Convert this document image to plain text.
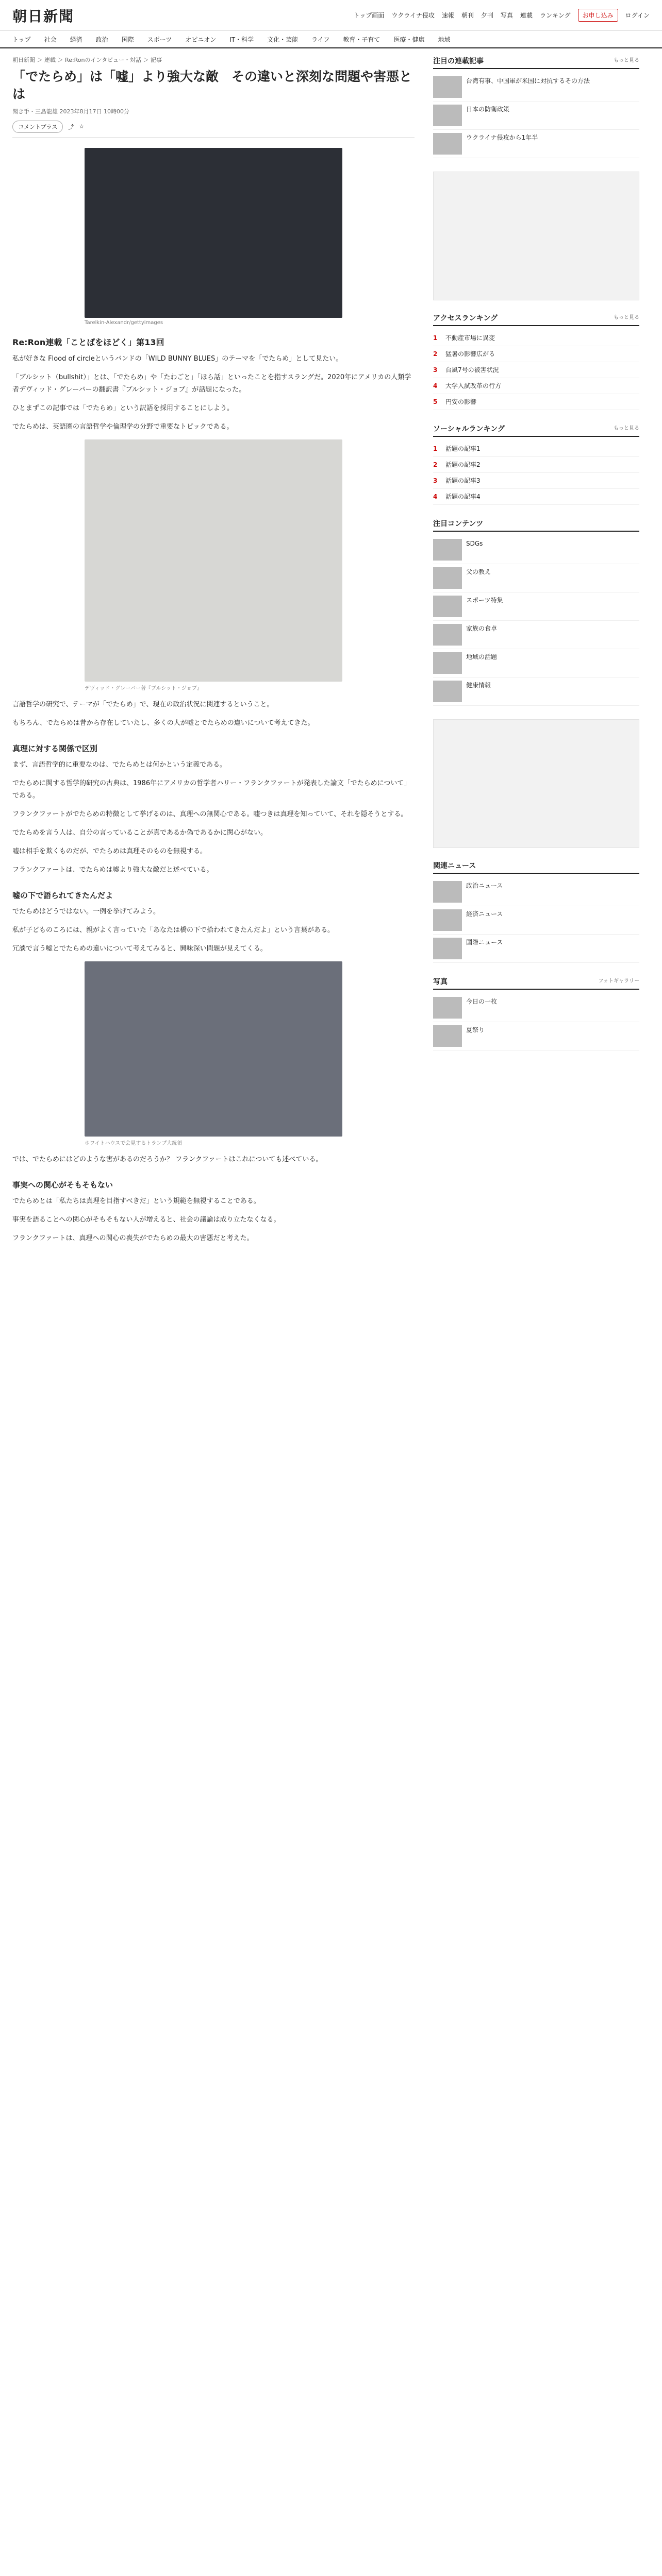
朝日新聞	トップ画面 ウクライナ侵攻 速報 朝刊 夕刊 写真 連載 ランキング	お申し込み	ログイン
トップ 社会 経済 政治 国際 スポーツ オピニオン IT・科学 文化・芸能 ライフ 教育・子育て 医療・健康 地域
朝日新聞 ＞ 連載 ＞ Re:Ronのインタビュー・対話 ＞ 記事
「でたらめ」は「嘘」より強大な敵　その違いと深刻な問題や害悪とは
聞き手・三島龍雄 2023年8月17日 10時00分
コメントプラス	⤴ ☆
Tarelkin-Alexandr/gettyimages
Re:Ron連載「ことばをほどく」第13回

私が好きな Flood of circleというバンドの「WILD BUNNY BLUES」のテーマを「でたらめ」として見たい。

「ブルシット（bullshit）」とは、「でたらめ」や「たわごと」「ほら話」といったことを指すスラングだ。2020年にアメリカの人類学者デヴィッド・グレーバーの翻訳書『ブルシット・ジョブ』が話題になった。

ひとまずこの記事では「でたらめ」という訳語を採用することにしよう。

でたらめは、英語圏の言語哲学や倫理学の分野で重要なトピックである。

デヴィッド・グレーバー著『ブルシット・ジョブ』

言語哲学の研究で、テーマが「でたらめ」で、現在の政治状況に関連するということ。

もちろん、でたらめは昔から存在していたし、多くの人が嘘とでたらめの違いについて考えてきた。

真理に対する関係で区別

まず、言語哲学的に重要なのは、でたらめとは何かという定義である。

でたらめに関する哲学的研究の古典は、1986年にアメリカの哲学者ハリー・フランクファートが発表した論文「でたらめについて」である。

フランクファートがでたらめの特徴として挙げるのは、真理への無関心である。嘘つきは真理を知っていて、それを隠そうとする。

でたらめを言う人は、自分の言っていることが真であるか偽であるかに関心がない。

嘘は相手を欺くものだが、でたらめは真理そのものを無視する。

フランクファートは、でたらめは嘘より強大な敵だと述べている。

嘘の下で語られてきたんだよ

でたらめはどうではない。一例を挙げてみよう。

私が子どものころには、親がよく言っていた「あなたは橋の下で拾われてきたんだよ」という言葉がある。

冗談で言う嘘とでたらめの違いについて考えてみると、興味深い問題が見えてくる。

ホワイトハウスで会見するトランプ大統領

では、でたらめにはどのような害があるのだろうか？ フランクファートはこれについても述べている。

事実への関心がそもそもない

でたらめとは「私たちは真理を目指すべきだ」という規範を無視することである。

事実を語ることへの関心がそもそもない人が増えると、社会の議論は成り立たなくなる。

フランクファートは、真理への関心の喪失がでたらめの最大の害悪だと考えた。

注目の連載記事	もっと見る
台湾有事、中国軍が米国に対抗するその方法
日本の防衛政策
ウクライナ侵攻から1年半
アクセスランキング	もっと見る
1	不動産市場に異変
2	猛暑の影響広がる
3	台風7号の被害状況
4	大学入試改革の行方
5	円安の影響
ソーシャルランキング	もっと見る
1	話題の記事1
2	話題の記事2
3	話題の記事3
4	話題の記事4
注目コンテンツ
SDGs
父の教え
スポーツ特集
家族の食卓
地域の話題
健康情報
関連ニュース
政治ニュース
経済ニュース
国際ニュース
写真	フォトギャラリー
今日の一枚
夏祭り
